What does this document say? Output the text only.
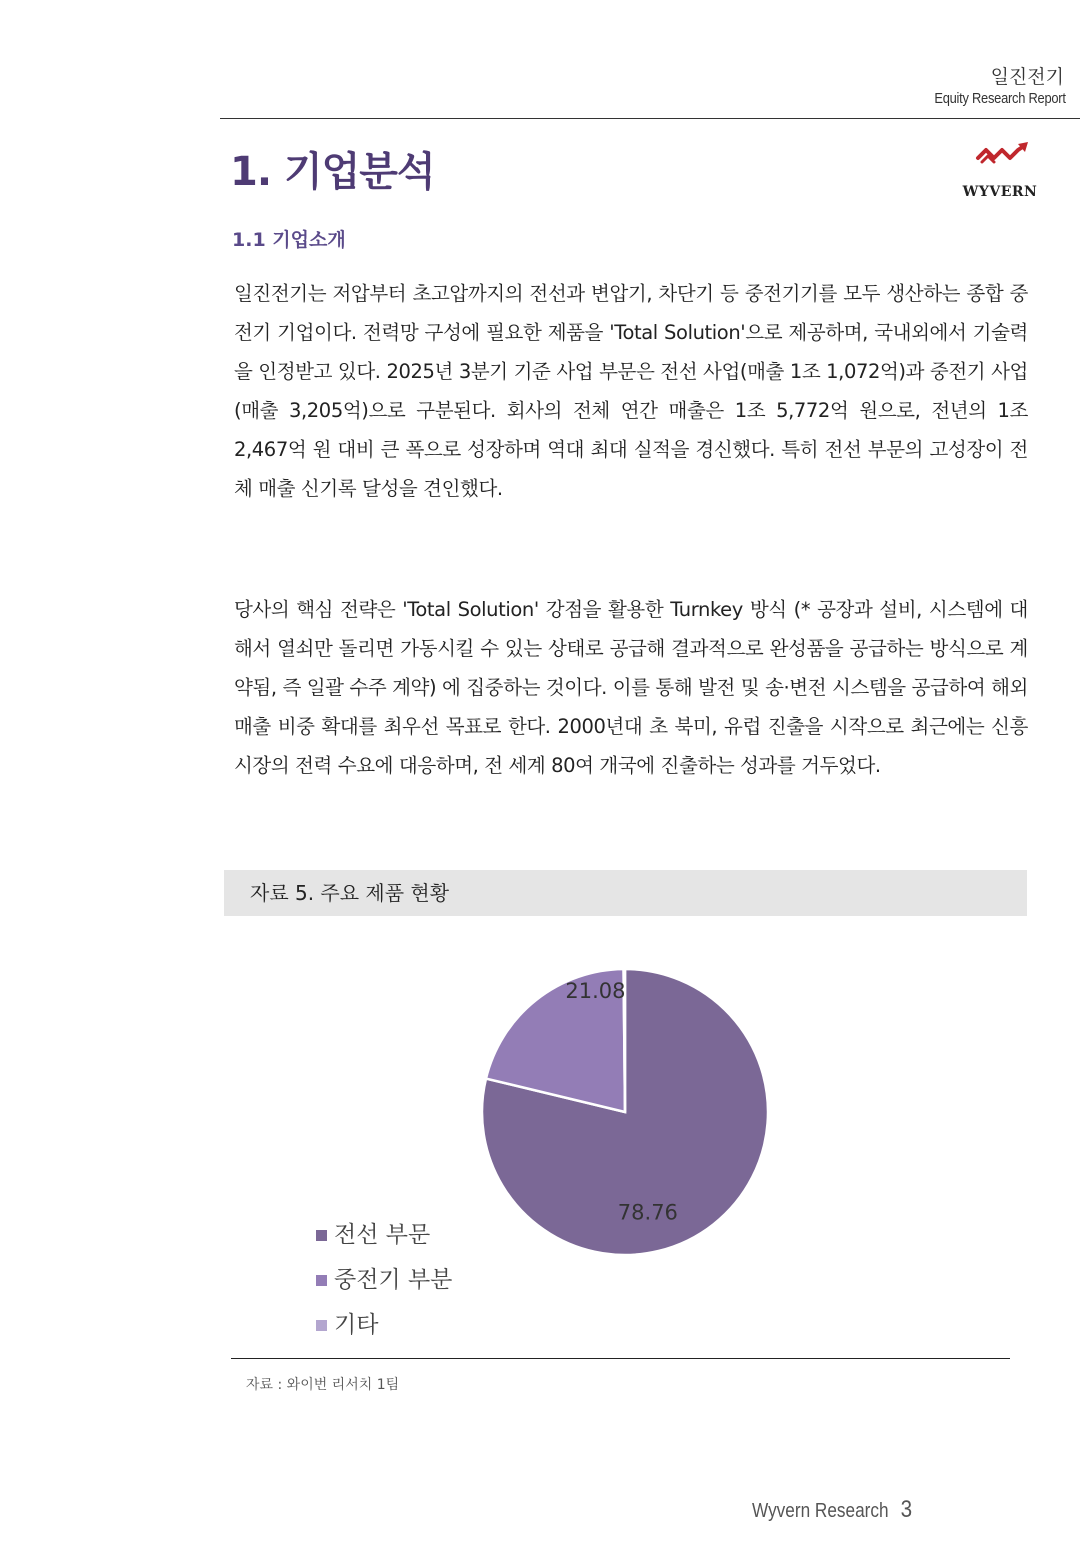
일진전기
Equity Research Report
1. 기업분석	WYVERN
1.1 기업소개

일진전기는 저압부터 초고압까지의 전선과 변압기, 차단기 등 중전기기를 모두 생산하는 종합 중전기 기업이다. 전력망 구성에 필요한 제품을 'Total Solution'으로 제공하며, 국내외에서 기술력을 인정받고 있다. 2025년 3분기 기준 사업 부문은 전선 사업(매출 1조 1,072억)과 중전기 사업(매출 3,205억)으로 구분된다. 회사의 전체 연간 매출은 1조 5,772억 원으로, 전년의 1조 2,467억 원 대비 큰 폭으로 성장하며 역대 최대 실적을 경신했다. 특히 전선 부문의 고성장이 전체 매출 신기록 달성을 견인했다.

당사의 핵심 전략은 'Total Solution' 강점을 활용한 Turnkey 방식 (* 공장과 설비, 시스템에 대해서 열쇠만 돌리면 가동시킬 수 있는 상태로 공급해 결과적으로 완성품을 공급하는 방식으로 계약됨, 즉 일괄 수주 계약) 에 집중하는 것이다. 이를 통해 발전 및 송·변전 시스템을 공급하여 해외 매출 비중 확대를 최우선 목표로 한다. 2000년대 초 북미, 유럽 진출을 시작으로 최근에는 신흥 시장의 전력 수요에 대응하며, 전 세계 80여 개국에 진출하는 성과를 거두었다.

자료 5. 주요 제품 현황
78.76
21.08
전선 부문
중전기 부분
기타
자료 : 와이번 리서치 1팀
Wyvern Research 3
